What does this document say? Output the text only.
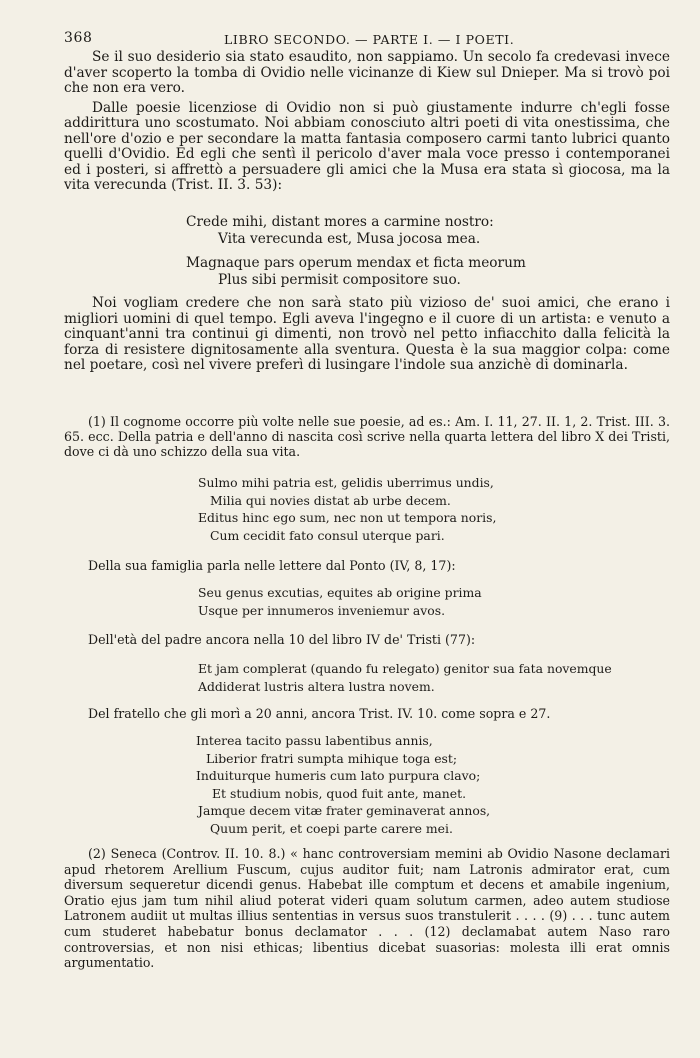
368	LIBRO SECONDO. — PARTE I. — I POETI.

Se il suo desiderio sia stato esaudito, non sappiamo. Un secolo fa credevasi invece d'aver scoperto la tomba di Ovidio nelle vicinanze di Kiew sul Dnieper. Ma si trovò poi che non era vero.

Dalle poesie licenziose di Ovidio non si può giustamente indurre ch'egli fosse addirittura uno scostumato. Noi abbiam conosciuto altri poeti di vita onestissima, che nell'ore d'ozio e per secondare la matta fantasia composero carmi tanto lubrici quanto quelli d'Ovidio. Ed egli che sentì il pericolo d'aver mala voce presso i contemporanei ed i posteri, si affrettò a persuadere gli amici che la Musa era stata sì giocosa, ma la vita verecunda (Trist. II. 3. 53):

Crede mihi, distant mores a carmine nostro:
Vita verecunda est, Musa jocosa mea.
Magnaque pars operum mendax et ficta meorum
Plus sibi permisit compositore suo.

Noi vogliam credere che non sarà stato più vizioso de' suoi amici, che erano i migliori uomini di quel tempo. Egli aveva l'ingegno e il cuore di un artista: e venuto a cinquant'anni tra continui gi dimenti, non trovò nel petto infiacchito dalla felicità la forza di resistere dignitosamente alla sventura. Questa è la sua maggior colpa: come nel poetare, così nel vivere preferì di lusingare l'indole sua anzichè di dominarla.

(1) Il cognome occorre più volte nelle sue poesie, ad es.: Am. I. 11, 27. II. 1, 2. Trist. III. 3. 65. ecc. Della patria e dell'anno di nascita così scrive nella quarta lettera del libro X dei Tristi, dove ci dà uno schizzo della sua vita.

Sulmo mihi patria est, gelidis uberrimus undis,
Milia qui novies distat ab urbe decem.
Editus hinc ego sum, nec non ut tempora noris,
Cum cecidit fato consul uterque pari.
Della sua famiglia parla nelle lettere dal Ponto (IV, 8, 17):
Seu genus excutias, equites ab origine prima
Usque per innumeros inveniemur avos.
Dell'età del padre ancora nella 10 del libro IV de' Tristi (77):
Et jam complerat (quando fu relegato) genitor sua fata novemque
Addiderat lustris altera lustra novem.
Del fratello che gli morì a 20 anni, ancora Trist. IV. 10. come sopra e 27.
Interea tacito passu labentibus annis,
Liberior fratri sumpta mihique toga est;
Induiturque humeris cum lato purpura clavo;
Et studium nobis, quod fuit ante, manet.
Jamque decem vitæ frater geminaverat annos,
Quum perit, et coepi parte carere mei.

(2) Seneca (Controv. II. 10. 8.) « hanc controversiam memini ab Ovidio Nasone declamari apud rhetorem Arellium Fuscum, cujus auditor fuit; nam Latronis admirator erat, cum diversum sequeretur dicendi genus. Habebat ille comptum et decens et amabile ingenium, Oratio ejus jam tum nihil aliud poterat videri quam solutum carmen, adeo autem studiose Latronem audiit ut multas illius sententias in versus suos transtulerit . . . . (9) . . . tunc autem cum studeret habebatur bonus declamator . . . (12) declamabat autem Naso raro controversias, et non nisi ethicas; libentius dicebat suasorias: molesta illi erat omnis argumentatio.
